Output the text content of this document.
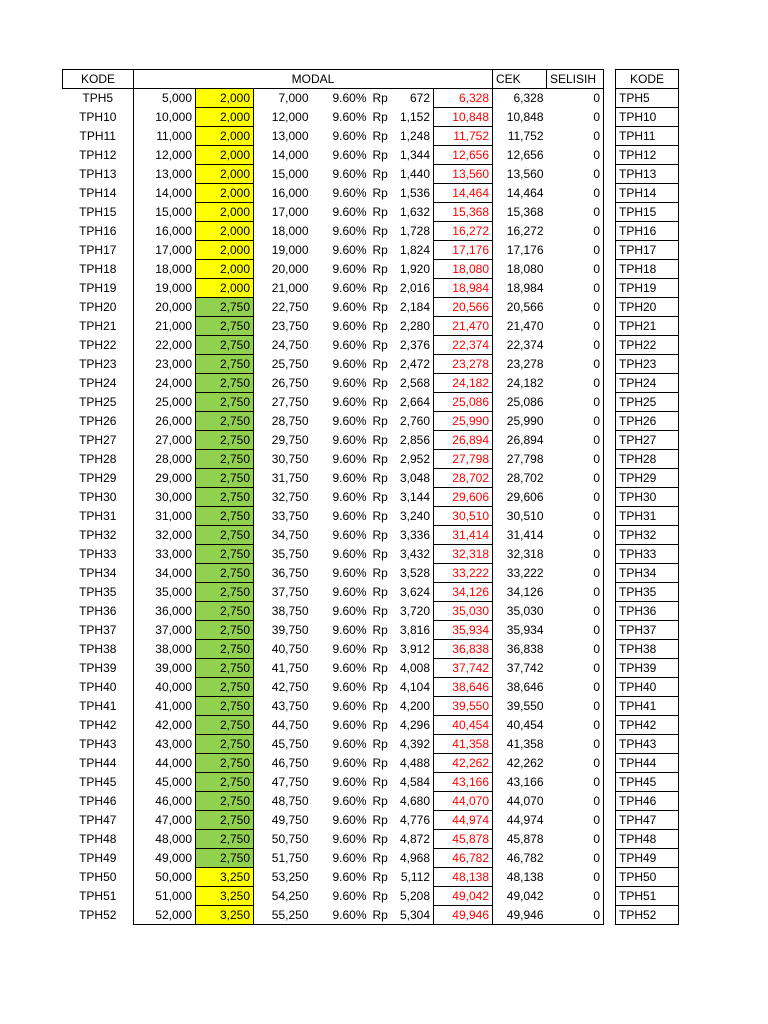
KODE	MODAL							CEK	SELISIH		KODE
TPH5	5,000	2,000	7,000	9.60%	Rp	672	6,328	6,328	0		TPH5
TPH10	10,000	2,000	12,000	9.60%	Rp	1,152	10,848	10,848	0		TPH10
TPH11	11,000	2,000	13,000	9.60%	Rp	1,248	11,752	11,752	0		TPH11
TPH12	12,000	2,000	14,000	9.60%	Rp	1,344	12,656	12,656	0		TPH12
TPH13	13,000	2,000	15,000	9.60%	Rp	1,440	13,560	13,560	0		TPH13
TPH14	14,000	2,000	16,000	9.60%	Rp	1,536	14,464	14,464	0		TPH14
TPH15	15,000	2,000	17,000	9.60%	Rp	1,632	15,368	15,368	0		TPH15
TPH16	16,000	2,000	18,000	9.60%	Rp	1,728	16,272	16,272	0		TPH16
TPH17	17,000	2,000	19,000	9.60%	Rp	1,824	17,176	17,176	0		TPH17
TPH18	18,000	2,000	20,000	9.60%	Rp	1,920	18,080	18,080	0		TPH18
TPH19	19,000	2,000	21,000	9.60%	Rp	2,016	18,984	18,984	0		TPH19
TPH20	20,000	2,750	22,750	9.60%	Rp	2,184	20,566	20,566	0		TPH20
TPH21	21,000	2,750	23,750	9.60%	Rp	2,280	21,470	21,470	0		TPH21
TPH22	22,000	2,750	24,750	9.60%	Rp	2,376	22,374	22,374	0		TPH22
TPH23	23,000	2,750	25,750	9.60%	Rp	2,472	23,278	23,278	0		TPH23
TPH24	24,000	2,750	26,750	9.60%	Rp	2,568	24,182	24,182	0		TPH24
TPH25	25,000	2,750	27,750	9.60%	Rp	2,664	25,086	25,086	0		TPH25
TPH26	26,000	2,750	28,750	9.60%	Rp	2,760	25,990	25,990	0		TPH26
TPH27	27,000	2,750	29,750	9.60%	Rp	2,856	26,894	26,894	0		TPH27
TPH28	28,000	2,750	30,750	9.60%	Rp	2,952	27,798	27,798	0		TPH28
TPH29	29,000	2,750	31,750	9.60%	Rp	3,048	28,702	28,702	0		TPH29
TPH30	30,000	2,750	32,750	9.60%	Rp	3,144	29,606	29,606	0		TPH30
TPH31	31,000	2,750	33,750	9.60%	Rp	3,240	30,510	30,510	0		TPH31
TPH32	32,000	2,750	34,750	9.60%	Rp	3,336	31,414	31,414	0		TPH32
TPH33	33,000	2,750	35,750	9.60%	Rp	3,432	32,318	32,318	0		TPH33
TPH34	34,000	2,750	36,750	9.60%	Rp	3,528	33,222	33,222	0		TPH34
TPH35	35,000	2,750	37,750	9.60%	Rp	3,624	34,126	34,126	0		TPH35
TPH36	36,000	2,750	38,750	9.60%	Rp	3,720	35,030	35,030	0		TPH36
TPH37	37,000	2,750	39,750	9.60%	Rp	3,816	35,934	35,934	0		TPH37
TPH38	38,000	2,750	40,750	9.60%	Rp	3,912	36,838	36,838	0		TPH38
TPH39	39,000	2,750	41,750	9.60%	Rp	4,008	37,742	37,742	0		TPH39
TPH40	40,000	2,750	42,750	9.60%	Rp	4,104	38,646	38,646	0		TPH40
TPH41	41,000	2,750	43,750	9.60%	Rp	4,200	39,550	39,550	0		TPH41
TPH42	42,000	2,750	44,750	9.60%	Rp	4,296	40,454	40,454	0		TPH42
TPH43	43,000	2,750	45,750	9.60%	Rp	4,392	41,358	41,358	0		TPH43
TPH44	44,000	2,750	46,750	9.60%	Rp	4,488	42,262	42,262	0		TPH44
TPH45	45,000	2,750	47,750	9.60%	Rp	4,584	43,166	43,166	0		TPH45
TPH46	46,000	2,750	48,750	9.60%	Rp	4,680	44,070	44,070	0		TPH46
TPH47	47,000	2,750	49,750	9.60%	Rp	4,776	44,974	44,974	0		TPH47
TPH48	48,000	2,750	50,750	9.60%	Rp	4,872	45,878	45,878	0		TPH48
TPH49	49,000	2,750	51,750	9.60%	Rp	4,968	46,782	46,782	0		TPH49
TPH50	50,000	3,250	53,250	9.60%	Rp	5,112	48,138	48,138	0		TPH50
TPH51	51,000	3,250	54,250	9.60%	Rp	5,208	49,042	49,042	0		TPH51
TPH52	52,000	3,250	55,250	9.60%	Rp	5,304	49,946	49,946	0		TPH52
